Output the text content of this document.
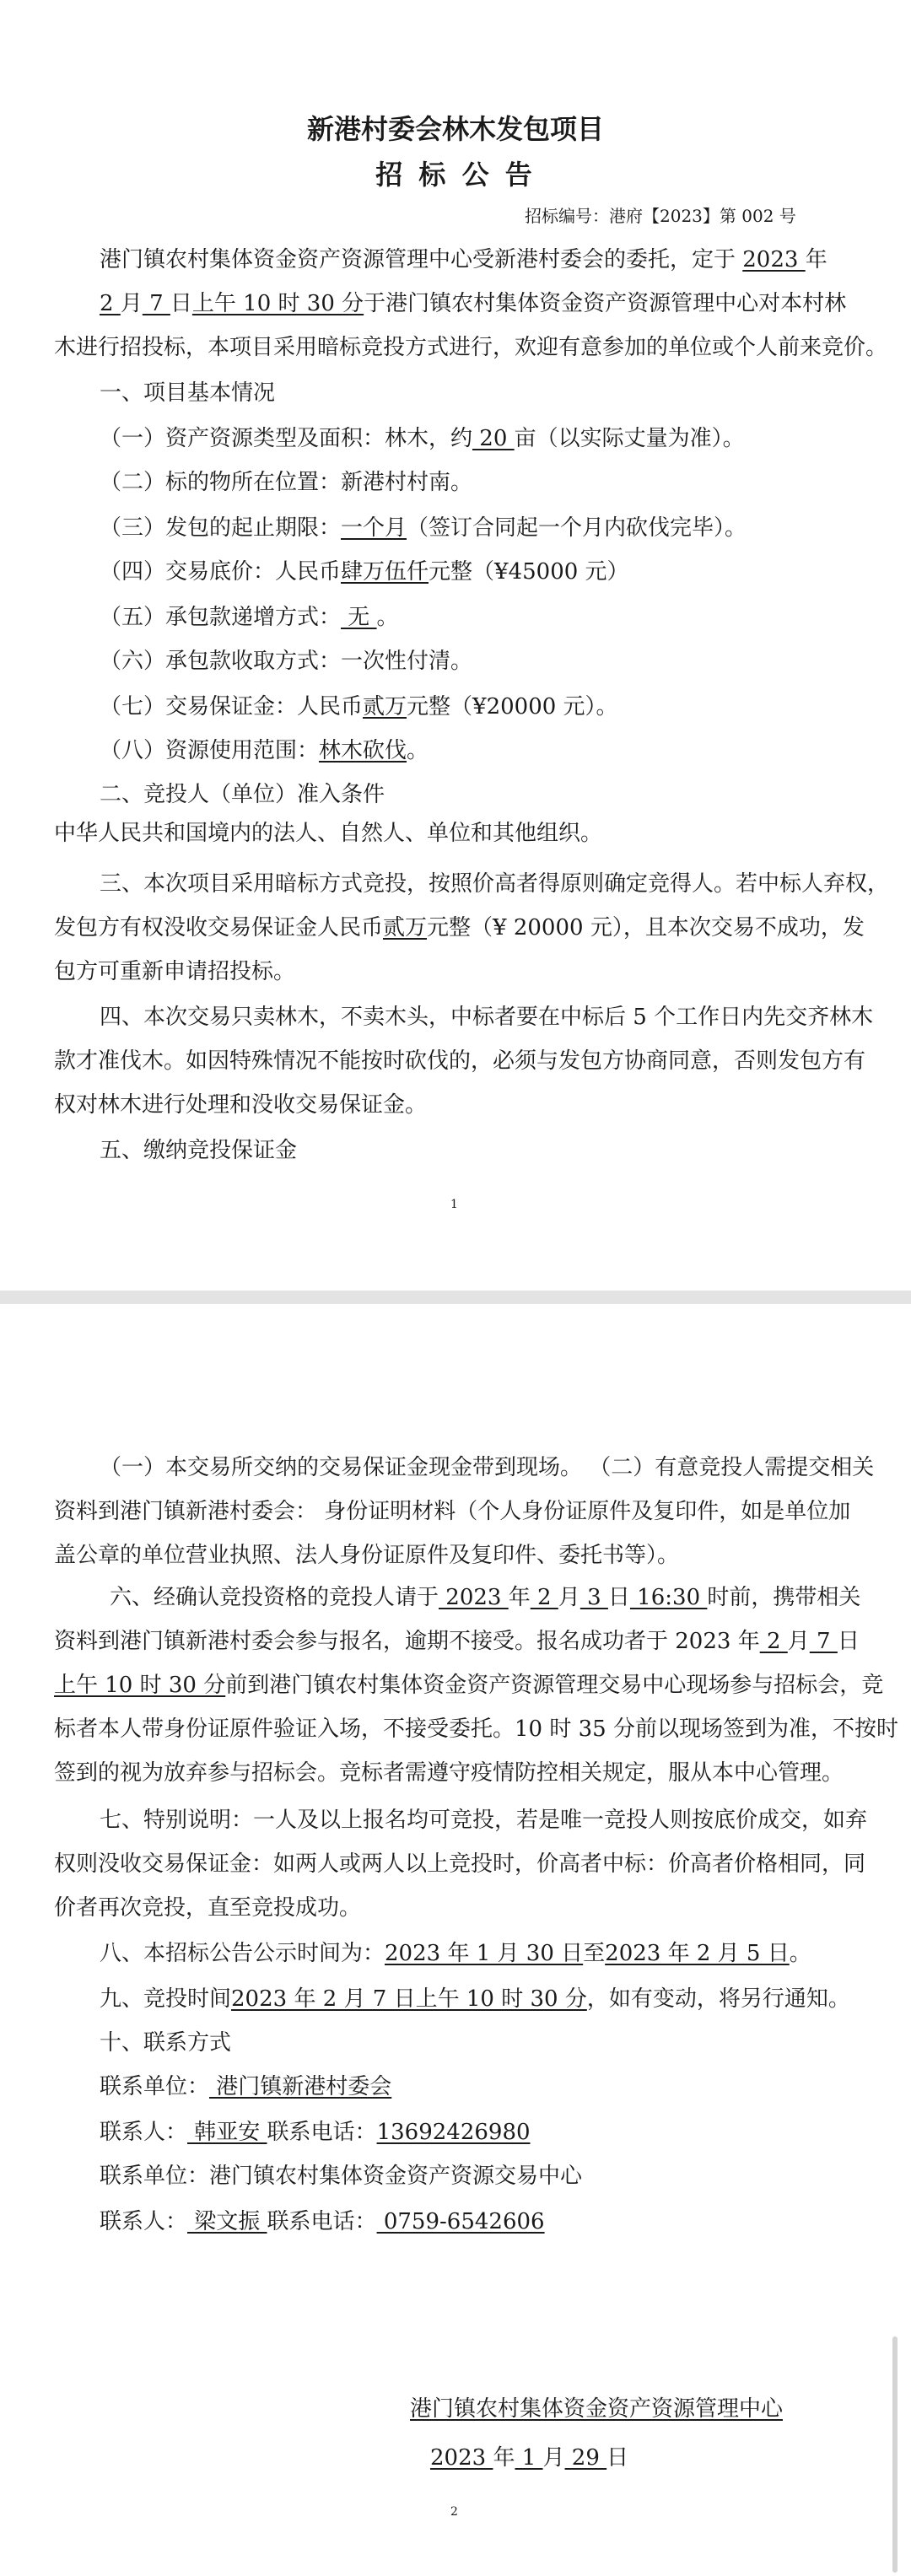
新港村委会林木发包项目
招 标 公 告
招标编号：港府【2023】第 002 号
港门镇农村集体资金资产资源管理中心受新港村委会的委托，定于 2023 年
2 月 7 日上午 10 时 30 分于港门镇农村集体资金资产资源管理中心对本村林
木进行招投标，本项目采用暗标竞投方式进行，欢迎有意参加的单位或个人前来竞价。
一、项目基本情况
（一）资产资源类型及面积：林木，约 20 亩（以实际丈量为准）。
（二）标的物所在位置：新港村村南。
（三）发包的起止期限：一个月（签订合同起一个月内砍伐完毕）。
（四）交易底价：人民币肆万伍仟元整（¥45000 元）
（五）承包款递增方式： 无 。
（六）承包款收取方式：一次性付清。
（七）交易保证金：人民币贰万元整（¥20000 元）。
（八）资源使用范围：林木砍伐。
二、竞投人（单位）准入条件
中华人民共和国境内的法人、自然人、单位和其他组织。
三、本次项目采用暗标方式竞投，按照价高者得原则确定竞得人。若中标人弃权，
发包方有权没收交易保证金人民币贰万元整（¥ 20000 元），且本次交易不成功，发
包方可重新申请招投标。
四、本次交易只卖林木，不卖木头，中标者要在中标后 5 个工作日内先交齐林木
款才准伐木。如因特殊情况不能按时砍伐的，必须与发包方协商同意，否则发包方有
权对林木进行处理和没收交易保证金。
五、缴纳竞投保证金
1
（一）本交易所交纳的交易保证金现金带到现场。 （二）有意竞投人需提交相关
资料到港门镇新港村委会： 身份证明材料（个人身份证原件及复印件，如是单位加
盖公章的单位营业执照、法人身份证原件及复印件、委托书等）。
六、经确认竞投资格的竞投人请于 2023 年 2 月 3 日 16:30 时前，携带相关
资料到港门镇新港村委会参与报名，逾期不接受。报名成功者于 2023 年 2 月 7 日
上午 10 时 30 分前到港门镇农村集体资金资产资源管理交易中心现场参与招标会，竞
标者本人带身份证原件验证入场，不接受委托。10 时 35 分前以现场签到为准，不按时
签到的视为放弃参与招标会。竞标者需遵守疫情防控相关规定，服从本中心管理。
七、特别说明：一人及以上报名均可竞投，若是唯一竞投人则按底价成交，如弃
权则没收交易保证金：如两人或两人以上竞投时，价高者中标：价高者价格相同，同
价者再次竞投，直至竞投成功。
八、本招标公告公示时间为：2023 年 1 月 30 日至2023 年 2 月 5 日。
九、竞投时间2023 年 2 月 7 日上午 10 时 30 分，如有变动，将另行通知。
十、联系方式
联系单位： 港门镇新港村委会
联系人： 韩亚安 联系电话：13692426980
联系单位：港门镇农村集体资金资产资源交易中心
联系人： 梁文振 联系电话： 0759-6542606
港门镇农村集体资金资产资源管理中心
2023 年 1 月 29 日
2
